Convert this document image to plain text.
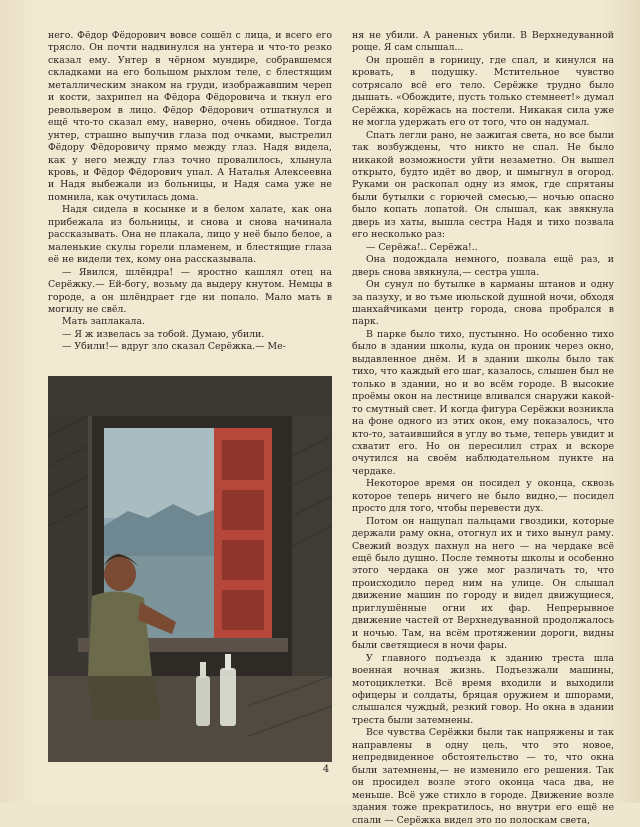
него. Фёдор Фёдорович вовсе сошёл с лица, и всего его трясло. Он почти надвинулся на унтера и что-то резко сказал ему. Унтер в чёрном мундире, собравшемся складками на его большом рыхлом теле, с блестящим металлическим знаком на груди, изображавшим череп и кости, захрипел на Фёдора Фёдоровича и ткнул его револьвером в лицо. Фёдор Фёдорович отшатнулся и ещё что-то сказал ему, наверно, очень обидное. Тогда унтер, страшно выпучив глаза под очками, выстрелил Фёдору Фёдоровичу прямо между глаз. Надя видела, как у него между глаз точно провалилось, хлынула кровь, и Фёдор Фёдорович упал. А Наталья Алексеевна и Надя выбежали из больницы, и Надя сама уже не помнила, как очутилась дома.

Надя сидела в косынке и в белом халате, как она прибежала из больницы, и снова и снова начинала рассказывать. Она не плакала, лицо у неё было белое, а маленькие скулы горели пламенем, и блестящие глаза её не видели тех, кому она рассказывала.

— Явился, шлёндра! — яростно кашлял отец на Серёжку.— Ей-богу, возьму да выдеру кнутом. Немцы в городе, а он шлёндрает где ни попало. Мало мать в могилу не свёл.

Мать заплакала.

— Я ж извелась за тобой. Думаю, убили.

— Убили!— вдруг зло сказал Серёжка.— Ме-

ня не убили. А раненых убили. В Верхнедуванной роще. Я сам слышал...

Он прошёл в горницу, где спал, и кинулся на кровать, в подушку. Мстительное чувство сотрясало всё его тело. Серёжке трудно было дышать. «Обождите, пусть только стемнеет!» думал Серёжка, корёжась на постели. Никакая сила уже не могла удержать его от того, что он надумал.

Спать легли рано, не зажигая света, но все были так возбуждены, что никто не спал. Не было никакой возможности уйти незаметно. Он вышел открыто, будто идёт во двор, и шмыгнул в огород. Руками он раскопал одну из ямок, где спрятаны были бутылки с горючей смесью,— ночью опасно было копать лопатой. Он слышал, как звякнула дверь из хаты, вышла сестра Надя и тихо позвала его несколько раз:

— Серёжа!.. Серёжа!..

Она подождала немного, позвала ещё раз, и дверь снова звякнула,— сестра ушла.

Он сунул по бутылке в карманы штанов и одну за пазуху, и во тьме июльской душной ночи, обходя шанхайчиками центр города, снова пробрался в парк.

В парке было тихо, пустынно. Но особенно тихо было в здании школы, куда он проник через окно, выдавленное днём. И в здании школы было так тихо, что каждый его шаг, казалось, слышен был не только в здании, но и во всём городе. В высокие проёмы окон на лестнице вливался снаружи какой-то смутный свет. И когда фигура Серёжки возникла на фоне одного из этих окон, ему показалось, что кто-то, затаившийся в углу во тьме, теперь увидит и схватит его. Но он пересилил страх и вскоре очутился на своём наблюдательном пункте на чердаке.

Некоторое время он посидел у оконца, сквозь которое теперь ничего не было видно,— посидел просто для того, чтобы перевести дух.

Потом он нащупал пальцами гвоздики, которые держали раму окна, отогнул их и тихо вынул раму. Свежий воздух пахнул на него — на чердаке всё ещё было душно. После темноты школы и особенно этого чердака он уже мог различать то, что происходило перед ним на улице. Он слышал движение машин по городу и видел движущиеся, приглушённые огни их фар. Непрерывное движение частей от Верхнедуванной продолжалось и ночью. Там, на всём протяжении дороги, видны были светящиеся в ночи фары.

У главного подъезда к зданию треста шла военная ночная жизнь. Подъезжали машины, мотоциклетки. Всё время входили и выходили офицеры и солдаты, бряцая оружием и шпорами, слышался чуждый, резкий говор. Но окна в здании треста были затемнены.

Все чувства Серёжки были так напряжены и так направлены в одну цель, что это новое, непредвиденное обстоятельство — то, что окна были затемнены,— не изменило его решения. Так он просидел возле этого оконца часа два, не меньше. Всё уже стихло в городе. Движение возле здания тоже прекратилось, но внутри его ещё не спали — Серёжка видел это по полоскам света,

4
